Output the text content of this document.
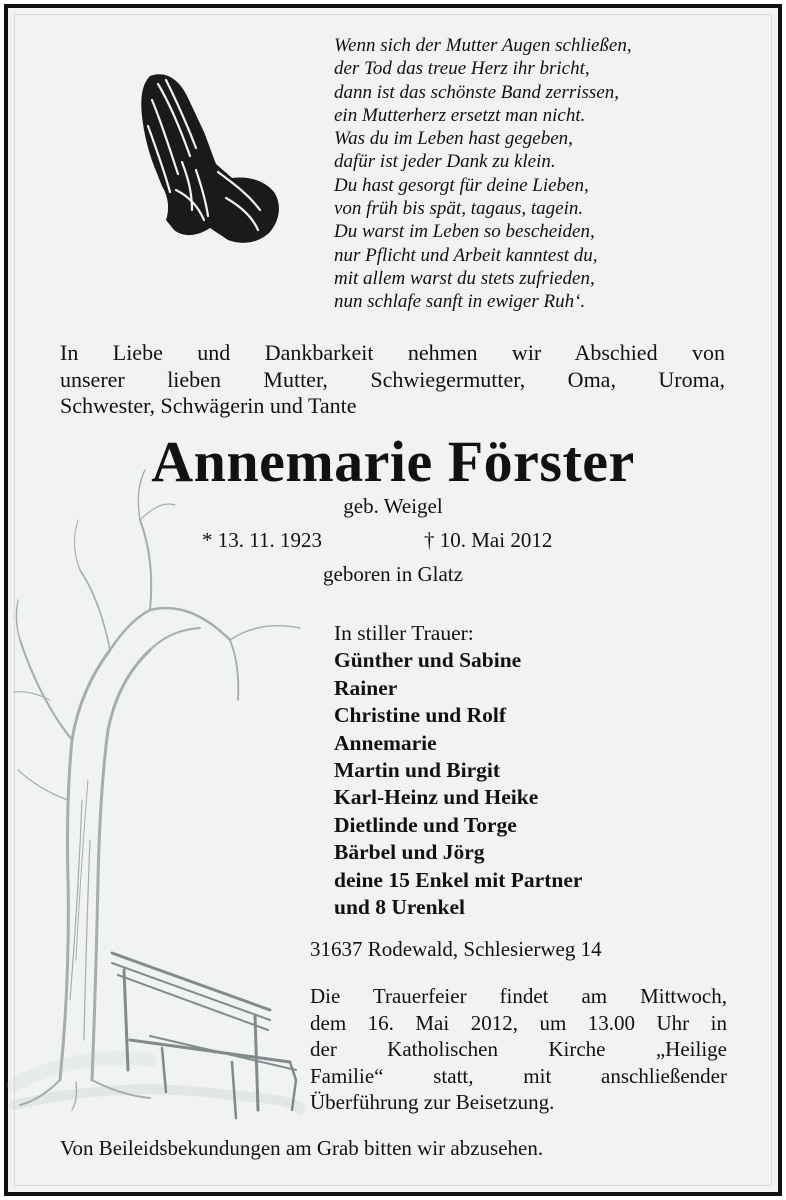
Wenn sich der Mutter Augen schließen,
der Tod das treue Herz ihr bricht,
dann ist das schönste Band zerrissen,
ein Mutterherz ersetzt man nicht.
Was du im Leben hast gegeben,
dafür ist jeder Dank zu klein.
Du hast gesorgt für deine Lieben,
von früh bis spät, tagaus, tagein.
Du warst im Leben so bescheiden,
nur Pflicht und Arbeit kanntest du,
mit allem warst du stets zufrieden,
nun schlafe sanft in ewiger Ruh‘.
In Liebe und Dankbarkeit nehmen wir Abschied von
unserer lieben Mutter, Schwiegermutter, Oma, Uroma,
Schwester, Schwägerin und Tante
Annemarie Förster
geb. Weigel
* 13. 11. 1923	† 10. Mai 2012
geboren in Glatz
In stiller Trauer:
Günther und Sabine
Rainer
Christine und Rolf
Annemarie
Martin und Birgit
Karl-Heinz und Heike
Dietlinde und Torge
Bärbel und Jörg
deine 15 Enkel mit Partner
und 8 Urenkel
31637 Rodewald, Schlesierweg 14
Die Trauerfeier findet am Mittwoch,
dem 16. Mai 2012, um 13.00 Uhr in
der Katholischen Kirche „Heilige
Familie“ statt, mit anschließender
Überführung zur Beisetzung.
Von Beileidsbekundungen am Grab bitten wir abzusehen.
